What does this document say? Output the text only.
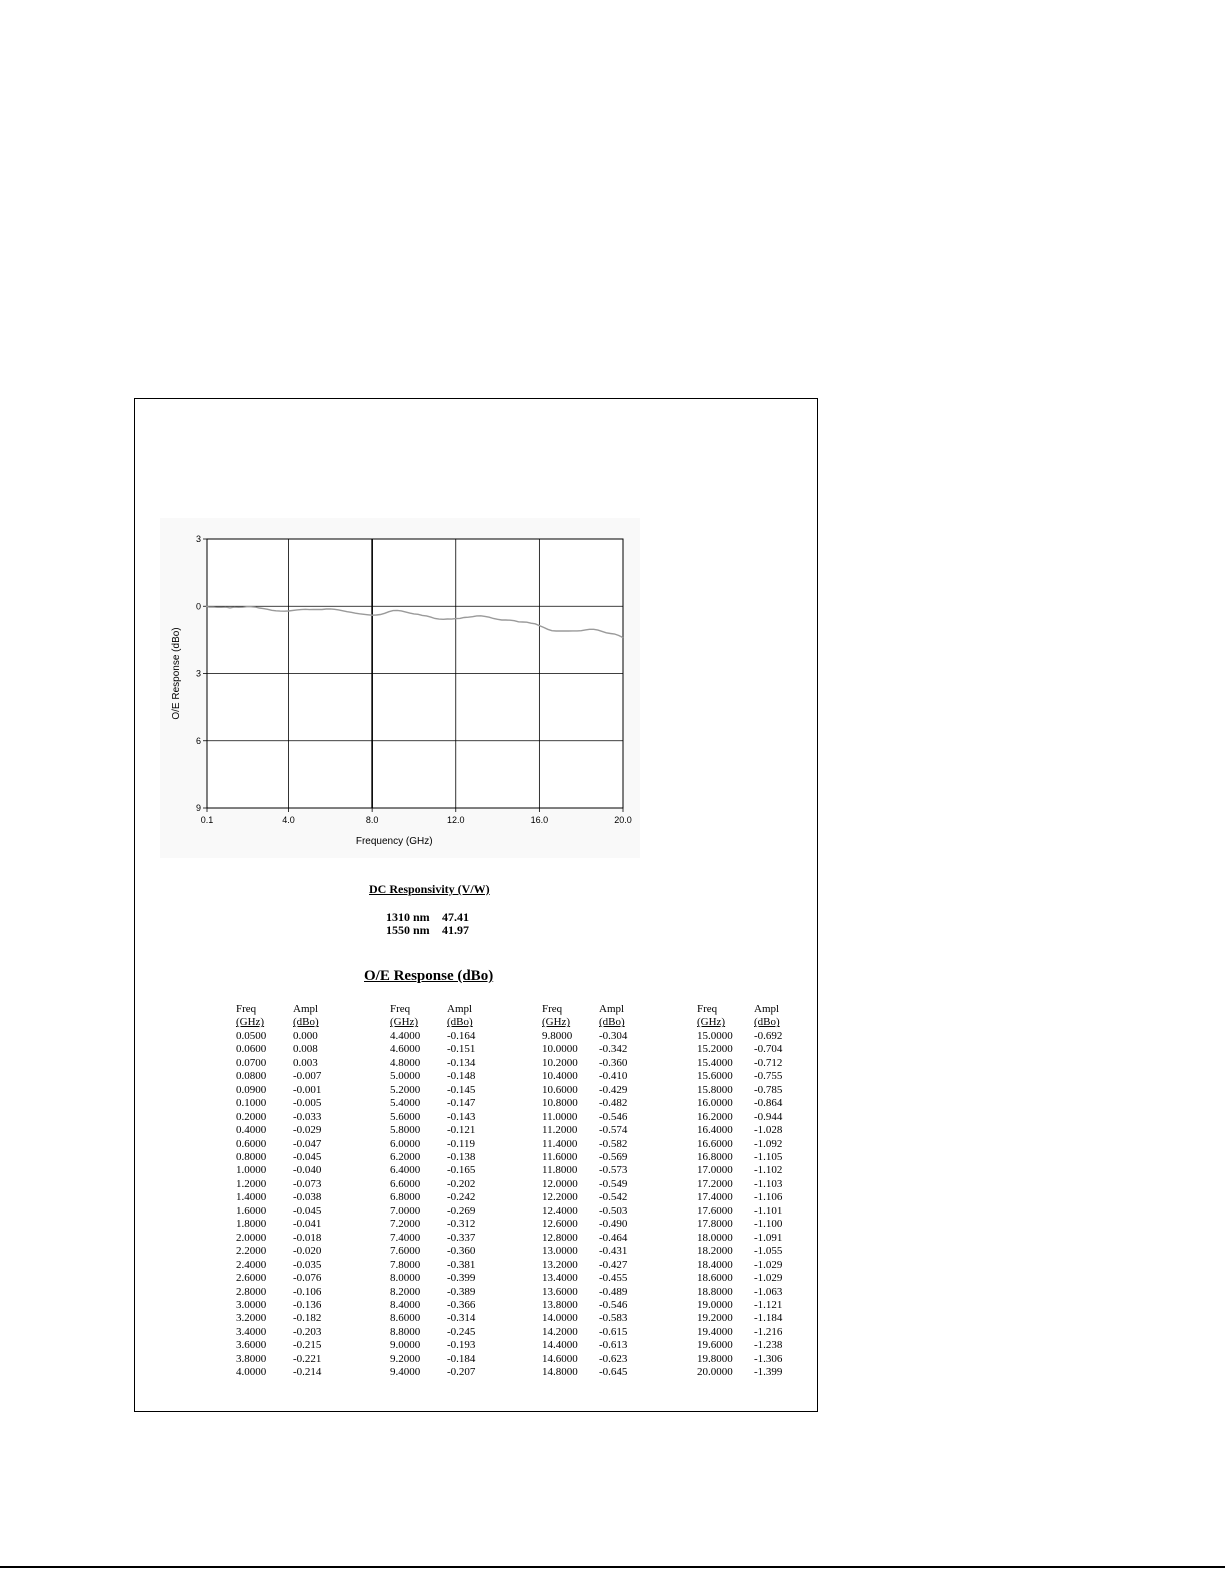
0.1	4.0	8.0	12.0	16.0	20.0
3
0
3
6
9
Frequency (GHz)
O/E Response (dBo)
DC Responsivity (V/W)
1310 nm 47.41
1550 nm 41.97
O/E Response (dBo)
Freq	Ampl
(GHz)	(dBo)
0.0500	0.000
0.0600	0.008
0.0700	0.003
0.0800	-0.007
0.0900	-0.001
0.1000	-0.005
0.2000	-0.033
0.4000	-0.029
0.6000	-0.047
0.8000	-0.045
1.0000	-0.040
1.2000	-0.073
1.4000	-0.038
1.6000	-0.045
1.8000	-0.041
2.0000	-0.018
2.2000	-0.020
2.4000	-0.035
2.6000	-0.076
2.8000	-0.106
3.0000	-0.136
3.2000	-0.182
3.4000	-0.203
3.6000	-0.215
3.8000	-0.221
4.0000	-0.214
Freq	Ampl
(GHz)	(dBo)
4.4000	-0.164
4.6000	-0.151
4.8000	-0.134
5.0000	-0.148
5.2000	-0.145
5.4000	-0.147
5.6000	-0.143
5.8000	-0.121
6.0000	-0.119
6.2000	-0.138
6.4000	-0.165
6.6000	-0.202
6.8000	-0.242
7.0000	-0.269
7.2000	-0.312
7.4000	-0.337
7.6000	-0.360
7.8000	-0.381
8.0000	-0.399
8.2000	-0.389
8.4000	-0.366
8.6000	-0.314
8.8000	-0.245
9.0000	-0.193
9.2000	-0.184
9.4000	-0.207
Freq	Ampl
(GHz)	(dBo)
9.8000	-0.304
10.0000	-0.342
10.2000	-0.360
10.4000	-0.410
10.6000	-0.429
10.8000	-0.482
11.0000	-0.546
11.2000	-0.574
11.4000	-0.582
11.6000	-0.569
11.8000	-0.573
12.0000	-0.549
12.2000	-0.542
12.4000	-0.503
12.6000	-0.490
12.8000	-0.464
13.0000	-0.431
13.2000	-0.427
13.4000	-0.455
13.6000	-0.489
13.8000	-0.546
14.0000	-0.583
14.2000	-0.615
14.4000	-0.613
14.6000	-0.623
14.8000	-0.645
Freq	Ampl
(GHz)	(dBo)
15.0000	-0.692
15.2000	-0.704
15.4000	-0.712
15.6000	-0.755
15.8000	-0.785
16.0000	-0.864
16.2000	-0.944
16.4000	-1.028
16.6000	-1.092
16.8000	-1.105
17.0000	-1.102
17.2000	-1.103
17.4000	-1.106
17.6000	-1.101
17.8000	-1.100
18.0000	-1.091
18.2000	-1.055
18.4000	-1.029
18.6000	-1.029
18.8000	-1.063
19.0000	-1.121
19.2000	-1.184
19.4000	-1.216
19.6000	-1.238
19.8000	-1.306
20.0000	-1.399
